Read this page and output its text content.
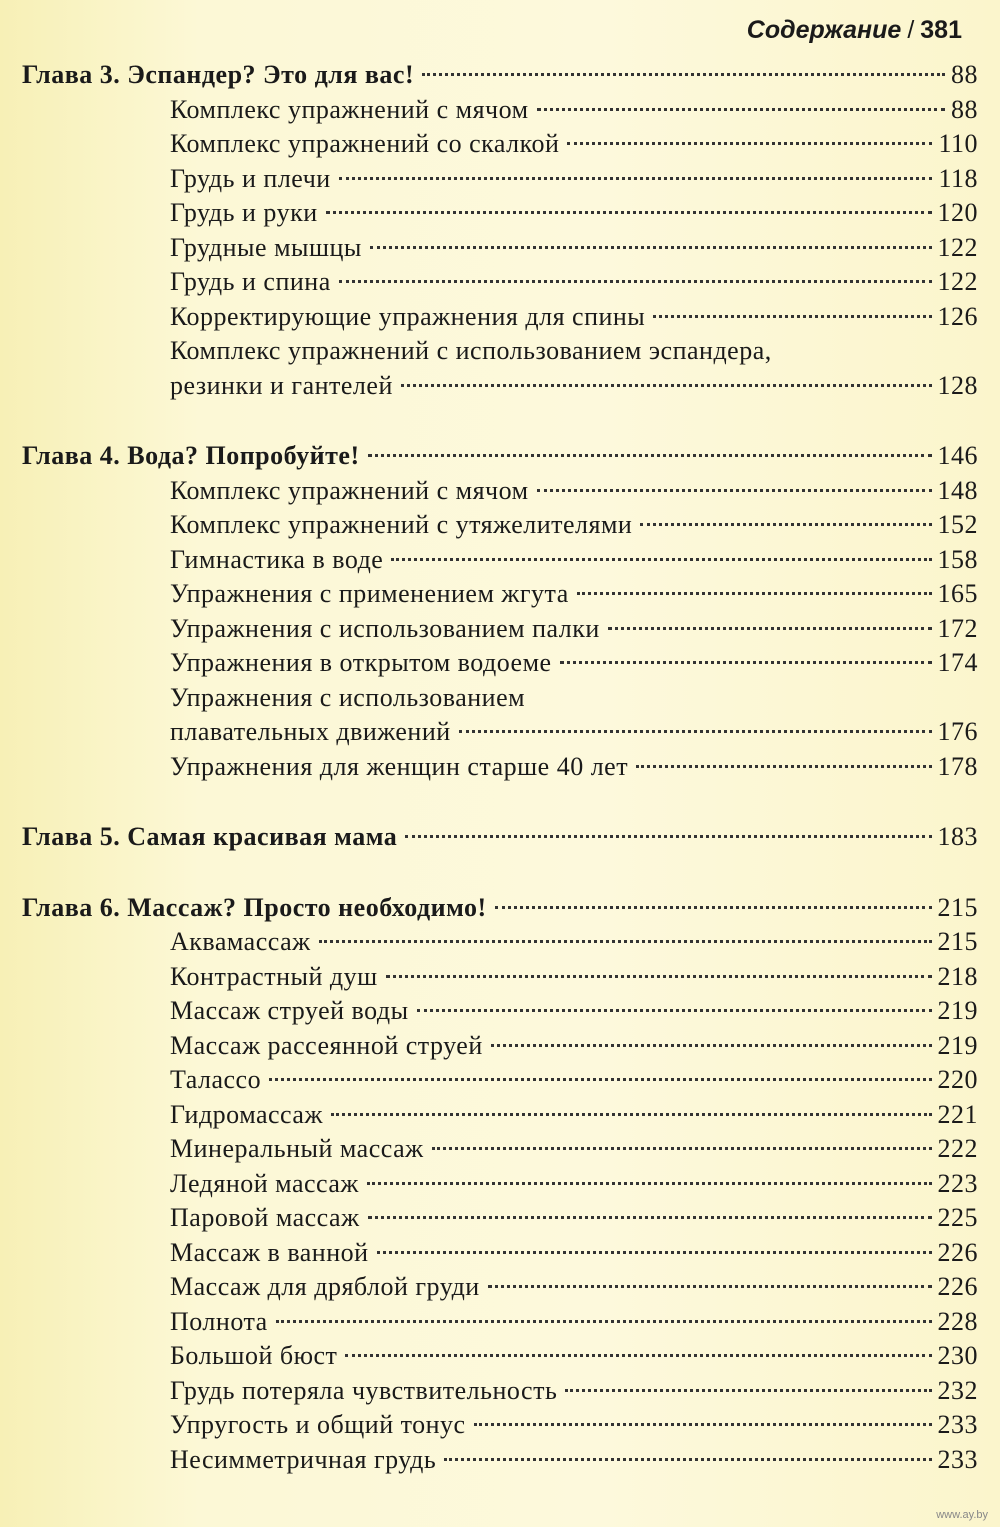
Содержание / 381
Глава 3. Эспандер? Это для вас!	88
Комплекс упражнений с мячом	88
Комплекс упражнений со скалкой	110
Грудь и плечи	118
Грудь и руки	120
Грудные мышцы	122
Грудь и спина	122
Корректирующие упражнения для спины	126
Комплекс упражнений с использованием эспандера,
резинки и гантелей	128
Глава 4. Вода? Попробуйте!	146
Комплекс упражнений с мячом	148
Комплекс упражнений с утяжелителями	152
Гимнастика в воде	158
Упражнения с применением жгута	165
Упражнения с использованием палки	172
Упражнения в открытом водоеме	174
Упражнения с использованием
плавательных движений	176
Упражнения для женщин старше 40 лет	178
Глава 5. Самая красивая мама	183
Глава 6. Массаж? Просто необходимо!	215
Аквамассаж	215
Контрастный душ	218
Массаж струей воды	219
Массаж рассеянной струей	219
Талассо	220
Гидромассаж	221
Минеральный массаж	222
Ледяной массаж	223
Паровой массаж	225
Массаж в ванной	226
Массаж для дряблой груди	226
Полнота	228
Большой бюст	230
Грудь потеряла чувствительность	232
Упругость и общий тонус	233
Несимметричная грудь	233
www.ay.by
